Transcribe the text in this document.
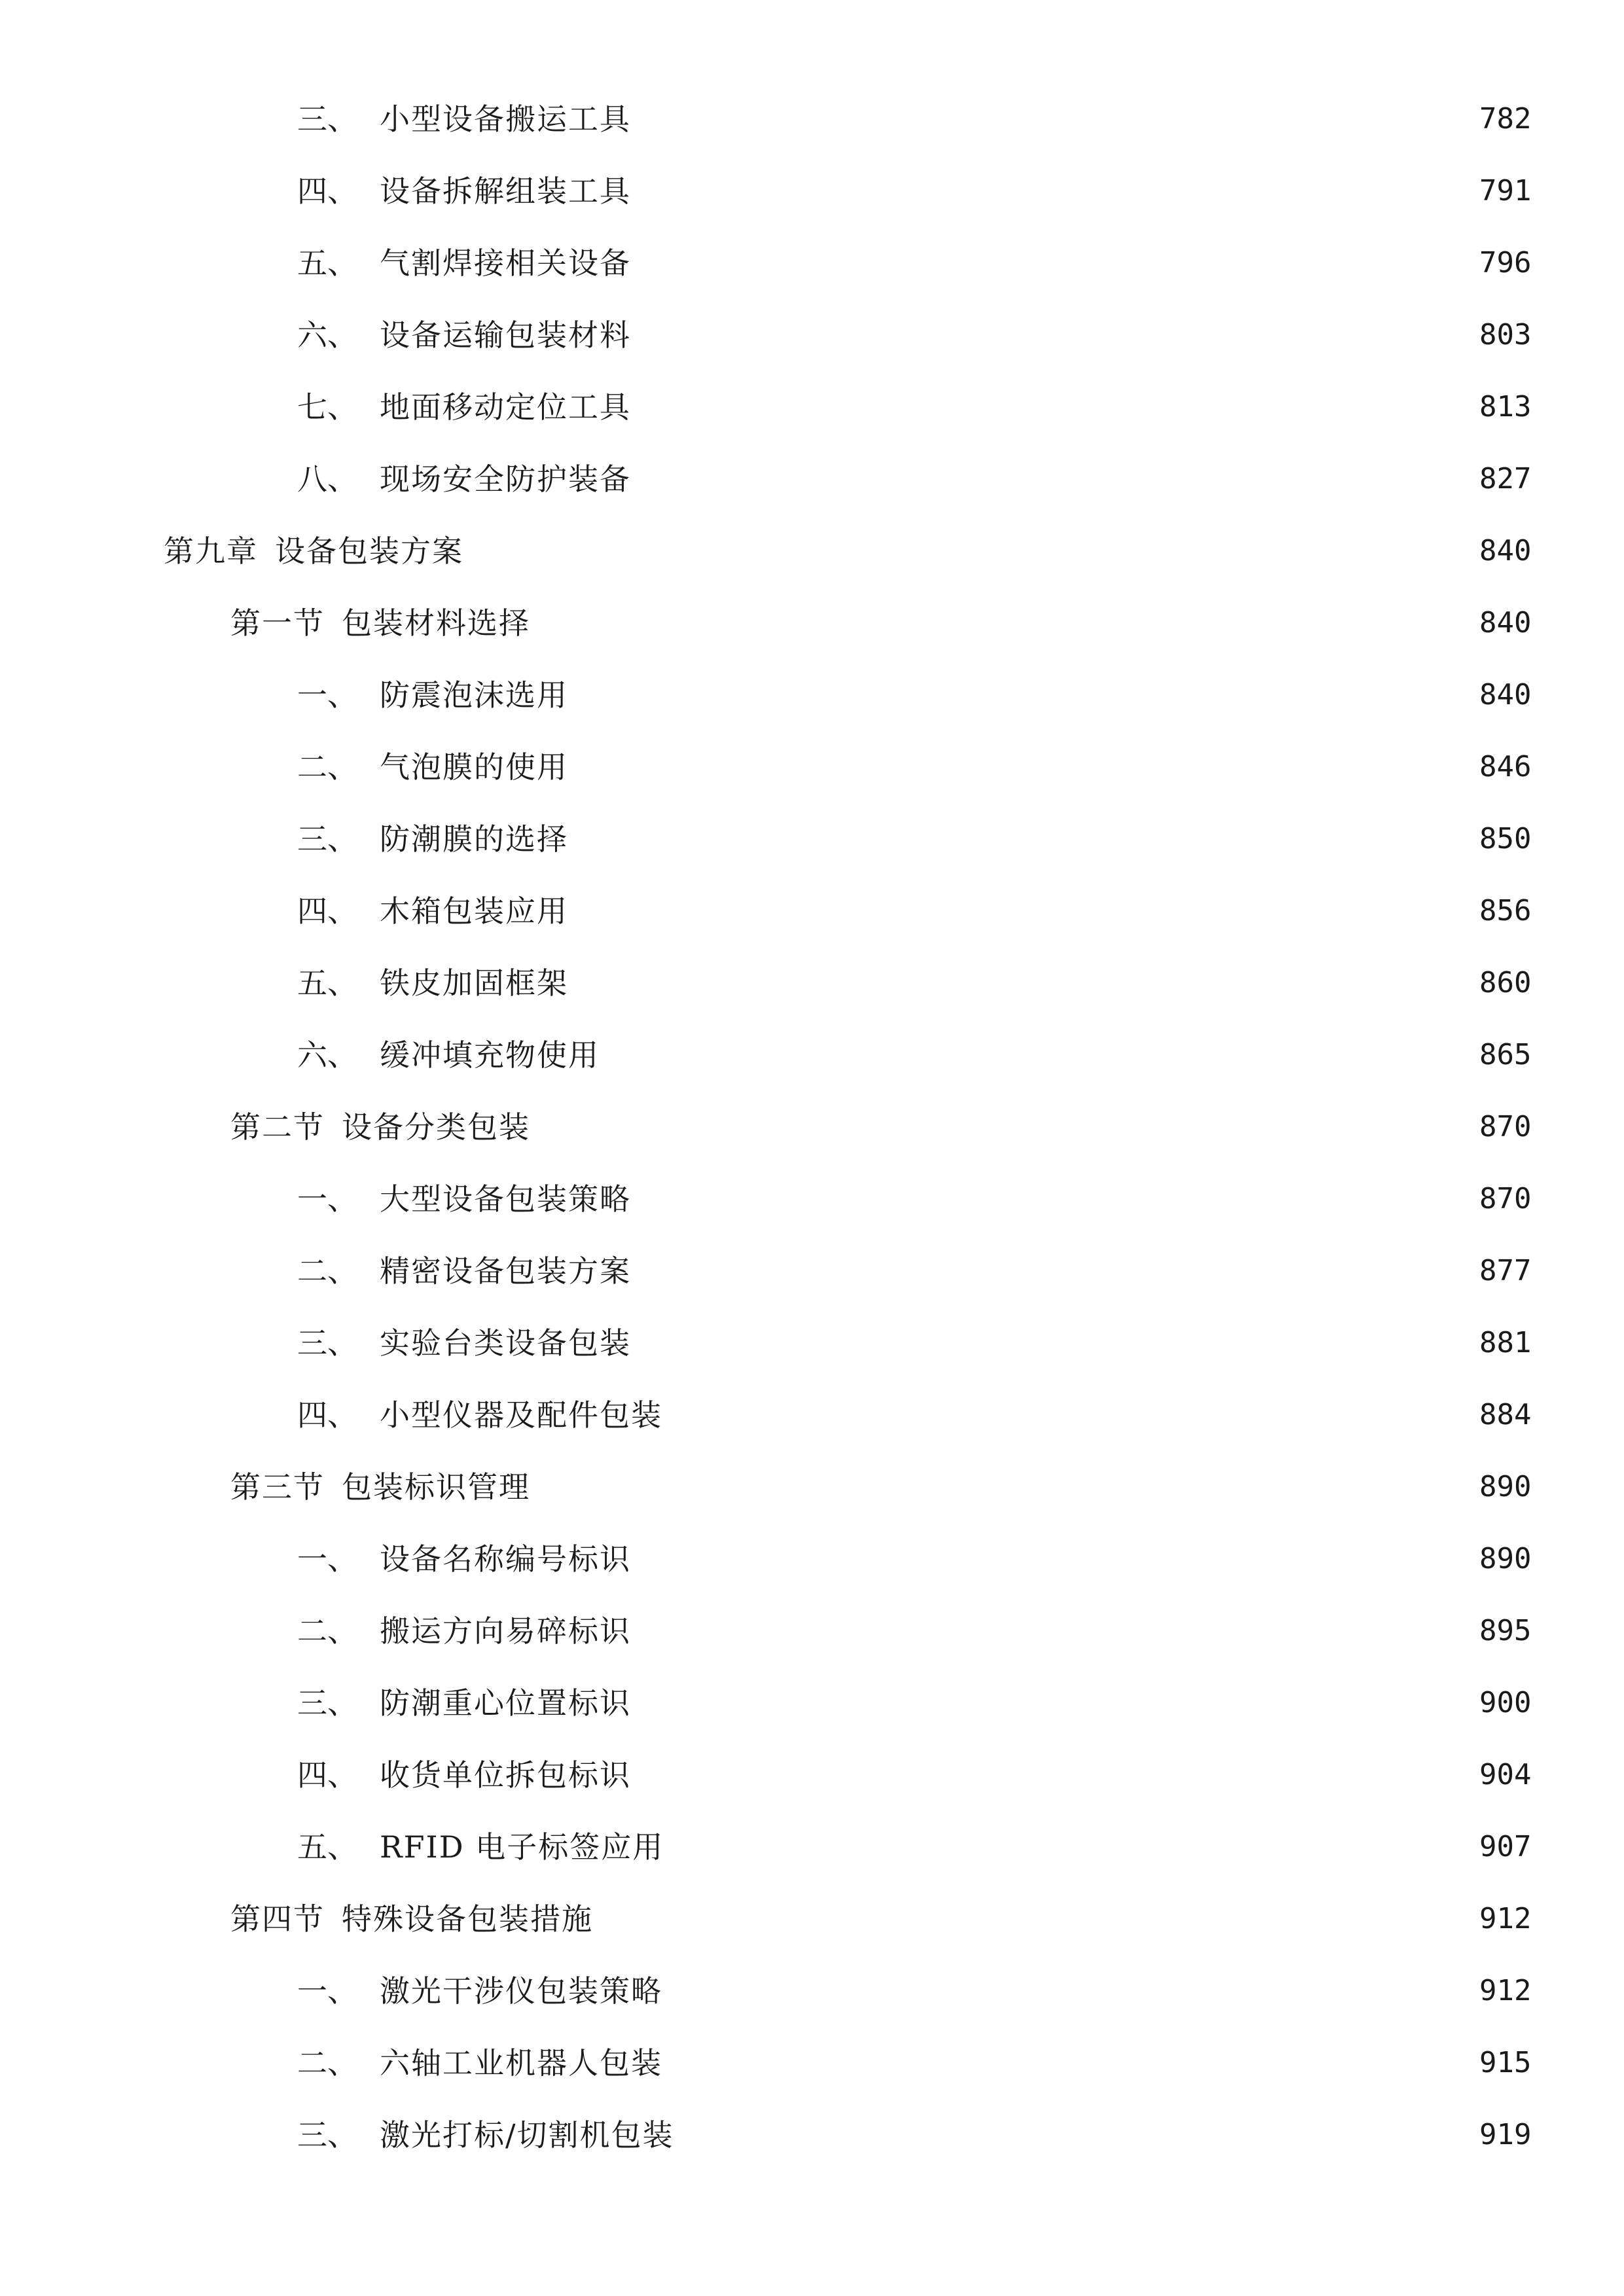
三、 小型设备搬运工具	782
四、 设备拆解组装工具	791
五、 气割焊接相关设备	796
六、 设备运输包装材料	803
七、 地面移动定位工具	813
八、 现场安全防护装备	827
第九章 设备包装方案	840
第一节 包装材料选择	840
一、 防震泡沫选用	840
二、 气泡膜的使用	846
三、 防潮膜的选择	850
四、 木箱包装应用	856
五、 铁皮加固框架	860
六、 缓冲填充物使用	865
第二节 设备分类包装	870
一、 大型设备包装策略	870
二、 精密设备包装方案	877
三、 实验台类设备包装	881
四、 小型仪器及配件包装	884
第三节 包装标识管理	890
一、 设备名称编号标识	890
二、 搬运方向易碎标识	895
三、 防潮重心位置标识	900
四、 收货单位拆包标识	904
五、 RFID 电子标签应用	907
第四节 特殊设备包装措施	912
一、 激光干涉仪包装策略	912
二、 六轴工业机器人包装	915
三、 激光打标/切割机包装	919
